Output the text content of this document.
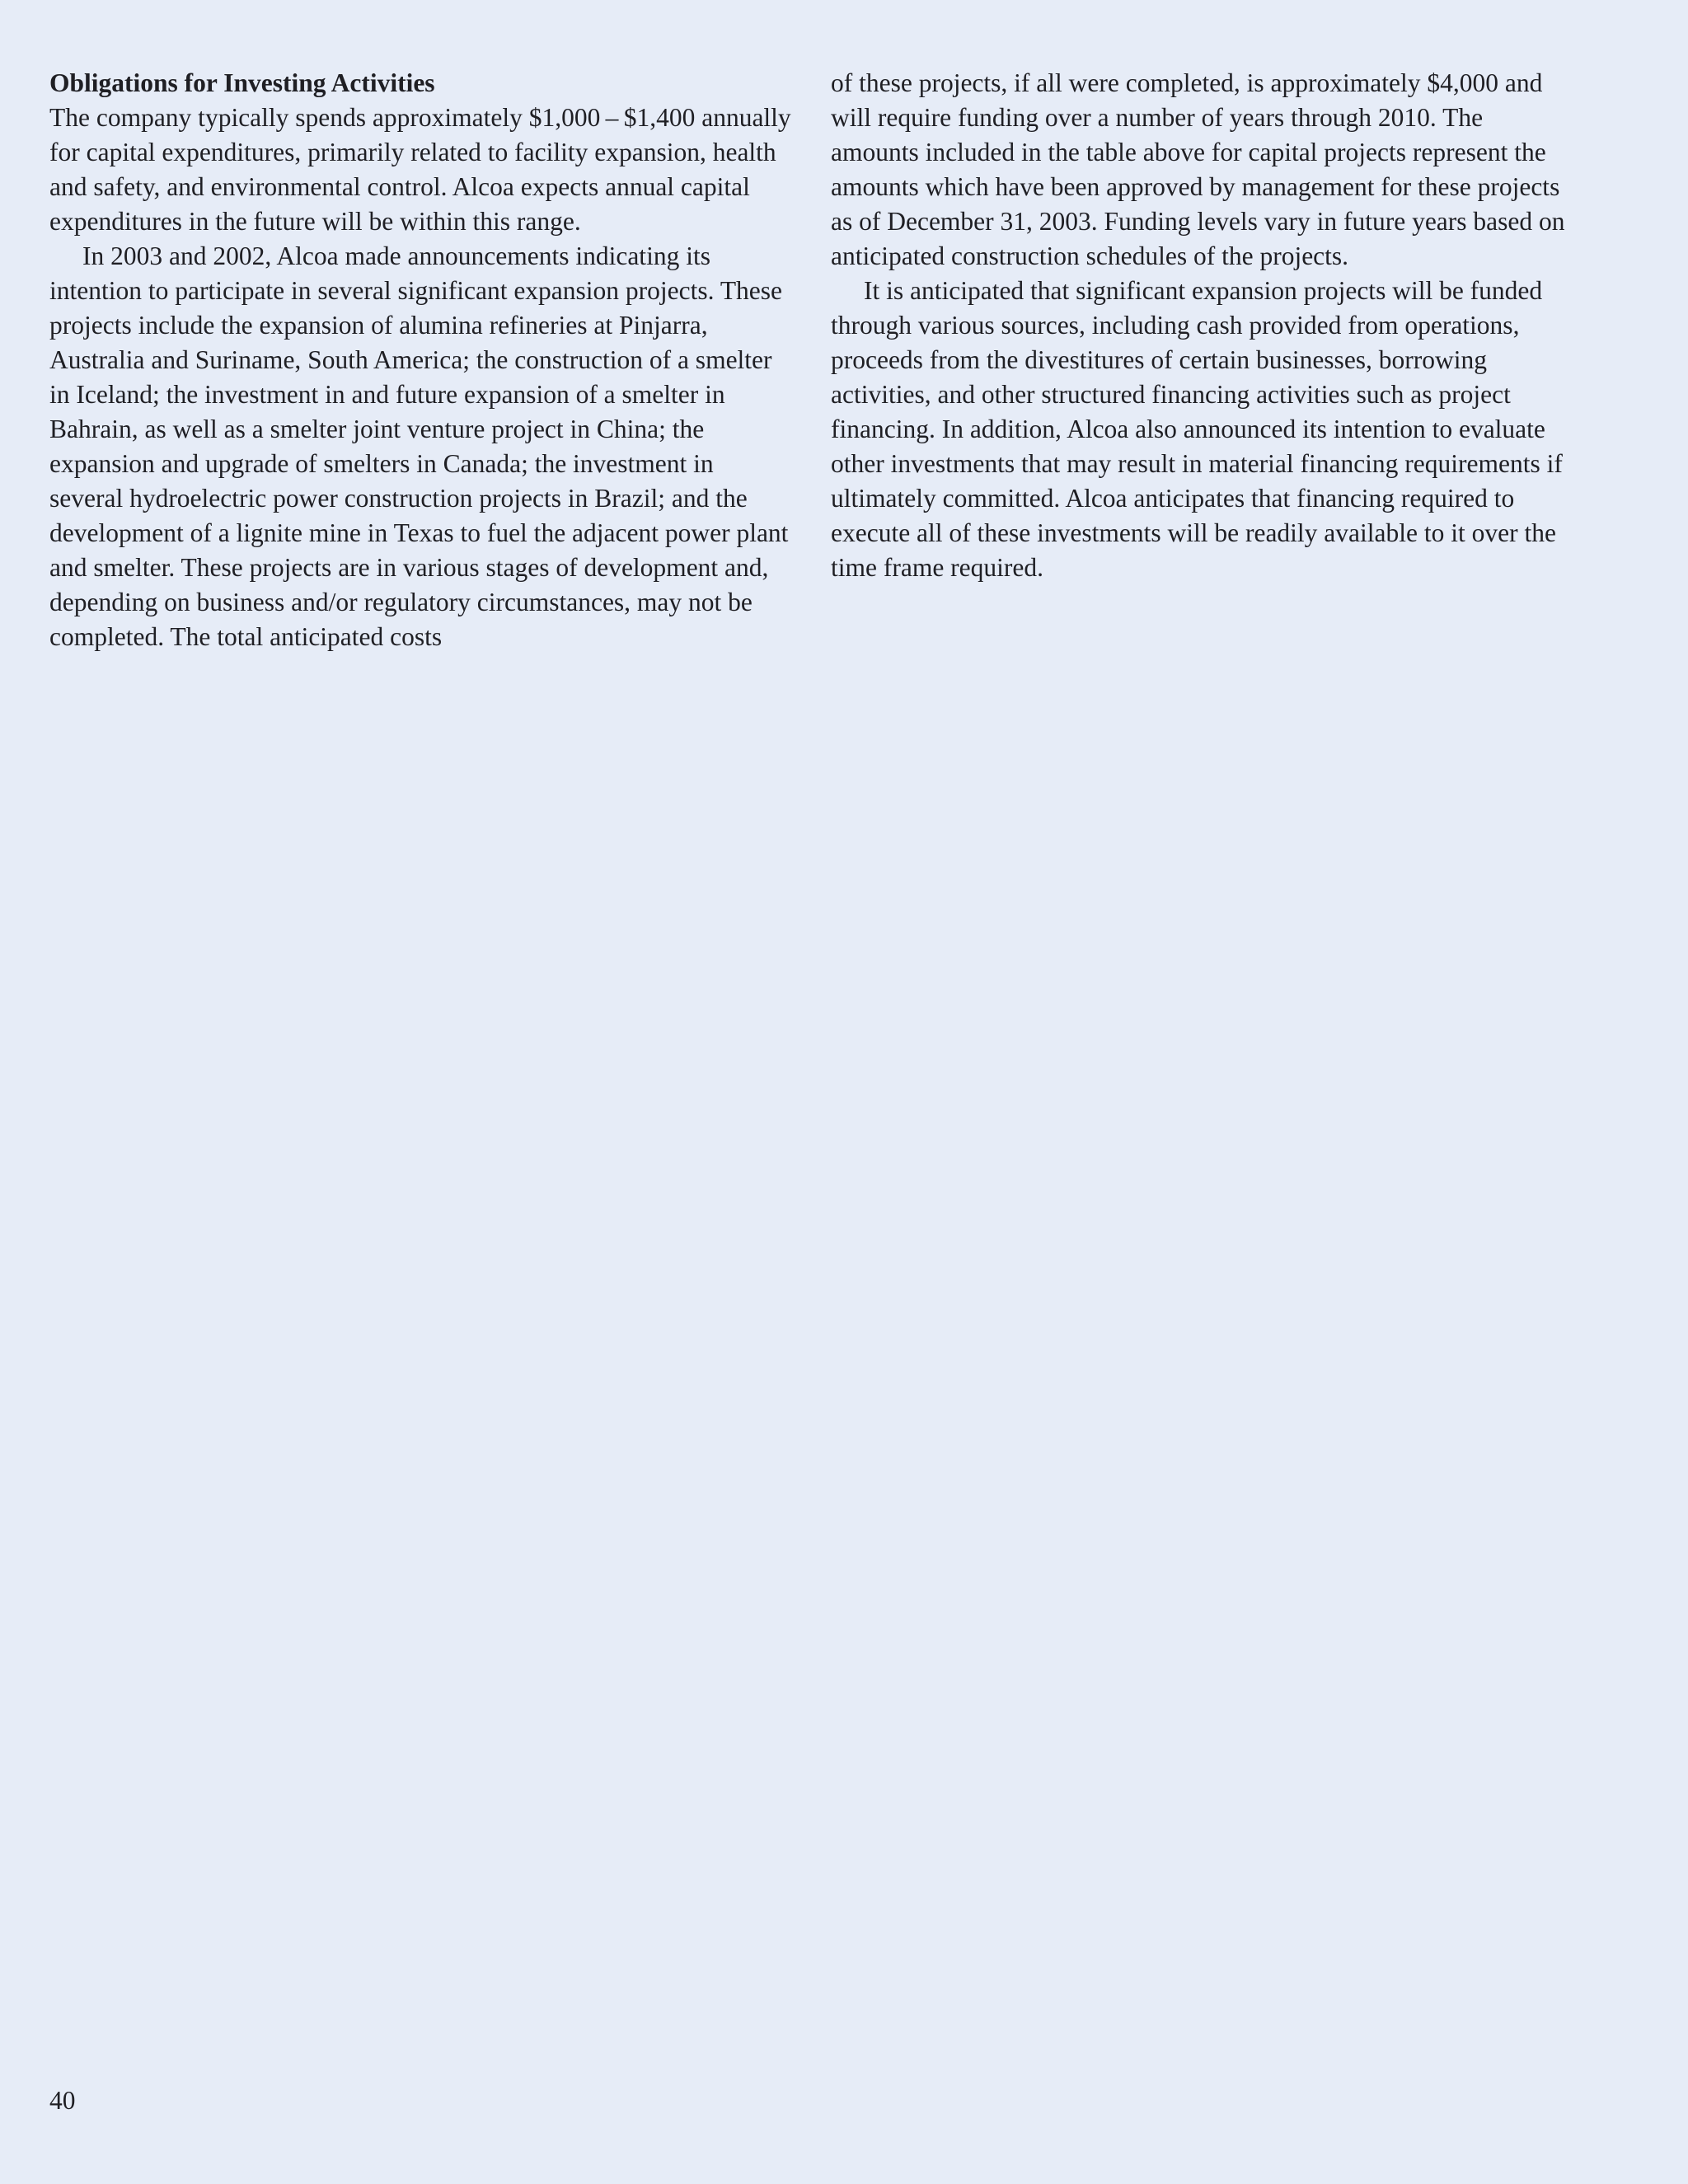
Obligations for Investing Activities

The company typically spends approximately $1,000 – $1,400 annually for capital expenditures, primarily related to facility expansion, health and safety, and environmental control. Alcoa expects annual capital expenditures in the future will be within this range.

In 2003 and 2002, Alcoa made announcements indicating its intention to participate in several significant expansion projects. These projects include the expansion of alumina refineries at Pinjarra, Australia and Suriname, South America; the construction of a smelter in Iceland; the investment in and future expansion of a smelter in Bahrain, as well as a smelter joint venture project in China; the expansion and upgrade of smelters in Canada; the investment in several hydroelectric power construction projects in Brazil; and the development of a lignite mine in Texas to fuel the adjacent power plant and smelter. These projects are in various stages of development and, depending on business and/or regulatory circumstances, may not be completed. The total anticipated costs

of these projects, if all were completed, is approximately $4,000 and will require funding over a number of years through 2010. The amounts included in the table above for capital projects represent the amounts which have been approved by management for these projects as of December 31, 2003. Funding levels vary in future years based on anticipated construction schedules of the projects.

It is anticipated that significant expansion projects will be funded through various sources, including cash provided from operations, proceeds from the divestitures of certain businesses, borrowing activities, and other structured financing activities such as project financing. In addition, Alcoa also announced its intention to evaluate other investments that may result in material financing requirements if ultimately committed. Alcoa anticipates that financing required to execute all of these investments will be readily available to it over the time frame required.

40
